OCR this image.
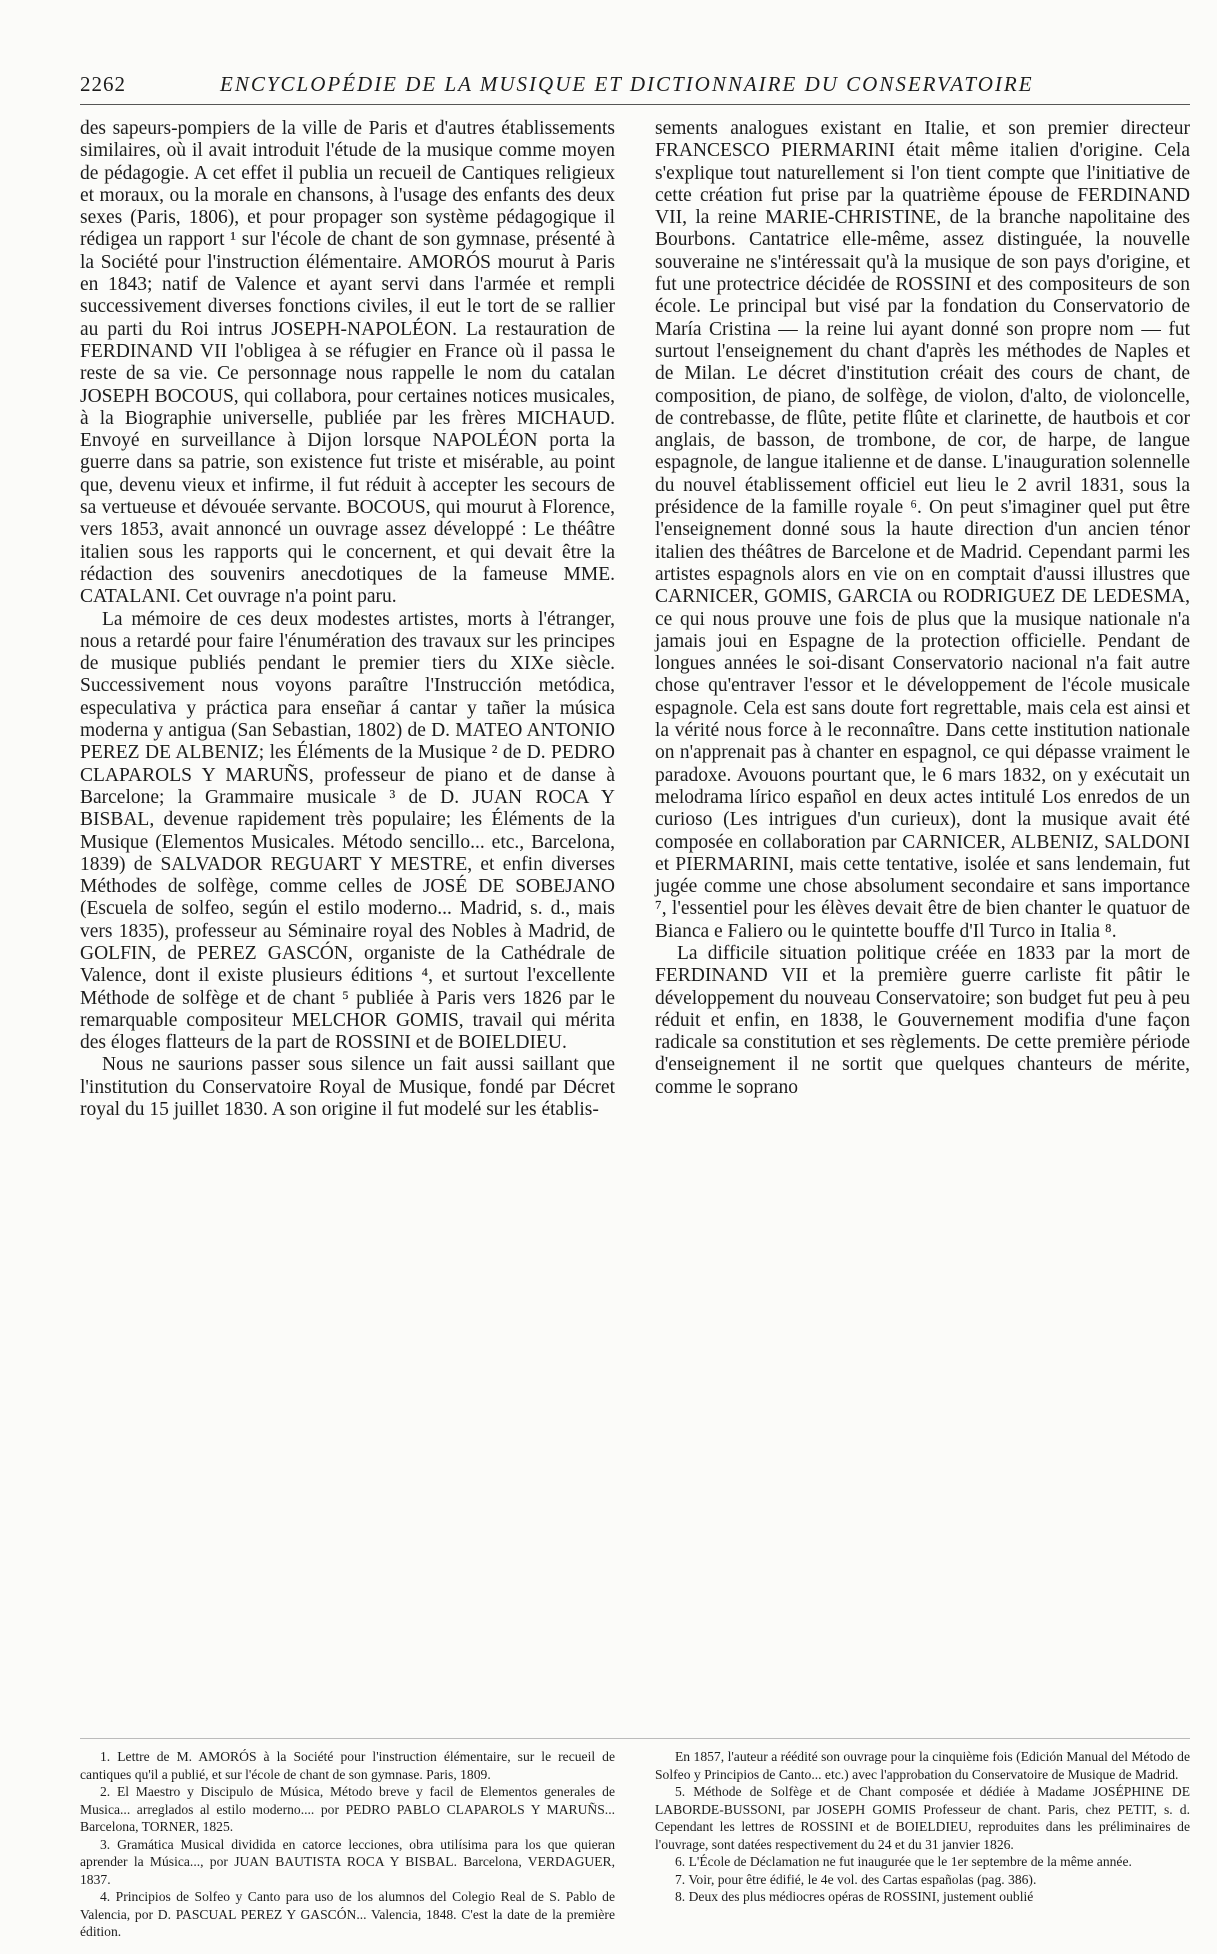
2262	ENCYCLOPÉDIE DE LA MUSIQUE ET DICTIONNAIRE DU CONSERVATOIRE

des sapeurs-pompiers de la ville de Paris et d'autres établissements similaires, où il avait introduit l'étude de la musique comme moyen de pédagogie. A cet effet il publia un recueil de Cantiques religieux et moraux, ou la morale en chansons, à l'usage des enfants des deux sexes (Paris, 1806), et pour propager son système pédagogique il rédigea un rapport ¹ sur l'école de chant de son gymnase, présenté à la Société pour l'instruction élémentaire. AMORÓS mourut à Paris en 1843; natif de Valence et ayant servi dans l'armée et rempli successivement diverses fonctions civiles, il eut le tort de se rallier au parti du Roi intrus JOSEPH-NAPOLÉON. La restauration de FERDINAND VII l'obligea à se réfugier en France où il passa le reste de sa vie. Ce personnage nous rappelle le nom du catalan JOSEPH BOCOUS, qui collabora, pour certaines notices musicales, à la Biographie universelle, publiée par les frères MICHAUD. Envoyé en surveillance à Dijon lorsque NAPOLÉON porta la guerre dans sa patrie, son existence fut triste et misérable, au point que, devenu vieux et infirme, il fut réduit à accepter les secours de sa vertueuse et dévouée servante. BOCOUS, qui mourut à Florence, vers 1853, avait annoncé un ouvrage assez développé : Le théâtre italien sous les rapports qui le concernent, et qui devait être la rédaction des souvenirs anecdotiques de la fameuse MME. CATALANI. Cet ouvrage n'a point paru.

La mémoire de ces deux modestes artistes, morts à l'étranger, nous a retardé pour faire l'énumération des travaux sur les principes de musique publiés pendant le premier tiers du XIXe siècle. Successivement nous voyons paraître l'Instrucción metódica, especulativa y práctica para enseñar á cantar y tañer la música moderna y antigua (San Sebastian, 1802) de D. MATEO ANTONIO PEREZ DE ALBENIZ; les Éléments de la Musique ² de D. PEDRO CLAPAROLS Y MARUÑS, professeur de piano et de danse à Barcelone; la Grammaire musicale ³ de D. JUAN ROCA Y BISBAL, devenue rapidement très populaire; les Éléments de la Musique (Elementos Musicales. Método sencillo... etc., Barcelona, 1839) de SALVADOR REGUART Y MESTRE, et enfin diverses Méthodes de solfège, comme celles de JOSÉ DE SOBEJANO (Escuela de solfeo, según el estilo moderno... Madrid, s. d., mais vers 1835), professeur au Séminaire royal des Nobles à Madrid, de GOLFIN, de PEREZ GASCÓN, organiste de la Cathédrale de Valence, dont il existe plusieurs éditions ⁴, et surtout l'excellente Méthode de solfège et de chant ⁵ publiée à Paris vers 1826 par le remarquable compositeur MELCHOR GOMIS, travail qui mérita des éloges flatteurs de la part de ROSSINI et de BOIELDIEU.

Nous ne saurions passer sous silence un fait aussi saillant que l'institution du Conservatoire Royal de Musique, fondé par Décret royal du 15 juillet 1830. A son origine il fut modelé sur les établis-

sements analogues existant en Italie, et son premier directeur FRANCESCO PIERMARINI était même italien d'origine. Cela s'explique tout naturellement si l'on tient compte que l'initiative de cette création fut prise par la quatrième épouse de FERDINAND VII, la reine MARIE-CHRISTINE, de la branche napolitaine des Bourbons. Cantatrice elle-même, assez distinguée, la nouvelle souveraine ne s'intéressait qu'à la musique de son pays d'origine, et fut une protectrice décidée de ROSSINI et des compositeurs de son école. Le principal but visé par la fondation du Conservatorio de María Cristina — la reine lui ayant donné son propre nom — fut surtout l'enseignement du chant d'après les méthodes de Naples et de Milan. Le décret d'institution créait des cours de chant, de composition, de piano, de solfège, de violon, d'alto, de violoncelle, de contrebasse, de flûte, petite flûte et clarinette, de hautbois et cor anglais, de basson, de trombone, de cor, de harpe, de langue espagnole, de langue italienne et de danse. L'inauguration solennelle du nouvel établissement officiel eut lieu le 2 avril 1831, sous la présidence de la famille royale ⁶. On peut s'imaginer quel put être l'enseignement donné sous la haute direction d'un ancien ténor italien des théâtres de Barcelone et de Madrid. Cependant parmi les artistes espagnols alors en vie on en comptait d'aussi illustres que CARNICER, GOMIS, GARCIA ou RODRIGUEZ DE LEDESMA, ce qui nous prouve une fois de plus que la musique nationale n'a jamais joui en Espagne de la protection officielle. Pendant de longues années le soi-disant Conservatorio nacional n'a fait autre chose qu'entraver l'essor et le développement de l'école musicale espagnole. Cela est sans doute fort regrettable, mais cela est ainsi et la vérité nous force à le reconnaître. Dans cette institution nationale on n'apprenait pas à chanter en espagnol, ce qui dépasse vraiment le paradoxe. Avouons pourtant que, le 6 mars 1832, on y exécutait un melodrama lírico español en deux actes intitulé Los enredos de un curioso (Les intrigues d'un curieux), dont la musique avait été composée en collaboration par CARNICER, ALBENIZ, SALDONI et PIERMARINI, mais cette tentative, isolée et sans lendemain, fut jugée comme une chose absolument secondaire et sans importance ⁷, l'essentiel pour les élèves devait être de bien chanter le quatuor de Bianca e Faliero ou le quintette bouffe d'Il Turco in Italia ⁸.

La difficile situation politique créée en 1833 par la mort de FERDINAND VII et la première guerre carliste fit pâtir le développement du nouveau Conservatoire; son budget fut peu à peu réduit et enfin, en 1838, le Gouvernement modifia d'une façon radicale sa constitution et ses règlements. De cette première période d'enseignement il ne sortit que quelques chanteurs de mérite, comme le soprano

1. Lettre de M. AMORÓS à la Société pour l'instruction élémentaire, sur le recueil de cantiques qu'il a publié, et sur l'école de chant de son gymnase. Paris, 1809.

2. El Maestro y Discipulo de Música, Método breve y facil de Elementos generales de Musica... arreglados al estilo moderno.... por PEDRO PABLO CLAPAROLS Y MARUÑS... Barcelona, TORNER, 1825.

3. Gramática Musical dividida en catorce lecciones, obra utilísima para los que quieran aprender la Música..., por JUAN BAUTISTA ROCA Y BISBAL. Barcelona, VERDAGUER, 1837.

4. Principios de Solfeo y Canto para uso de los alumnos del Colegio Real de S. Pablo de Valencia, por D. PASCUAL PEREZ Y GASCÓN... Valencia, 1848. C'est la date de la première édition.

En 1857, l'auteur a réédité son ouvrage pour la cinquième fois (Edición Manual del Método de Solfeo y Principios de Canto... etc.) avec l'approbation du Conservatoire de Musique de Madrid.

5. Méthode de Solfège et de Chant composée et dédiée à Madame JOSÉPHINE DE LABORDE-BUSSONI, par JOSEPH GOMIS Professeur de chant. Paris, chez PETIT, s. d. Cependant les lettres de ROSSINI et de BOIELDIEU, reproduites dans les préliminaires de l'ouvrage, sont datées respectivement du 24 et du 31 janvier 1826.

6. L'École de Déclamation ne fut inaugurée que le 1er septembre de la même année.

7. Voir, pour être édifié, le 4e vol. des Cartas españolas (pag. 386).

8. Deux des plus médiocres opéras de ROSSINI, justement oublié
